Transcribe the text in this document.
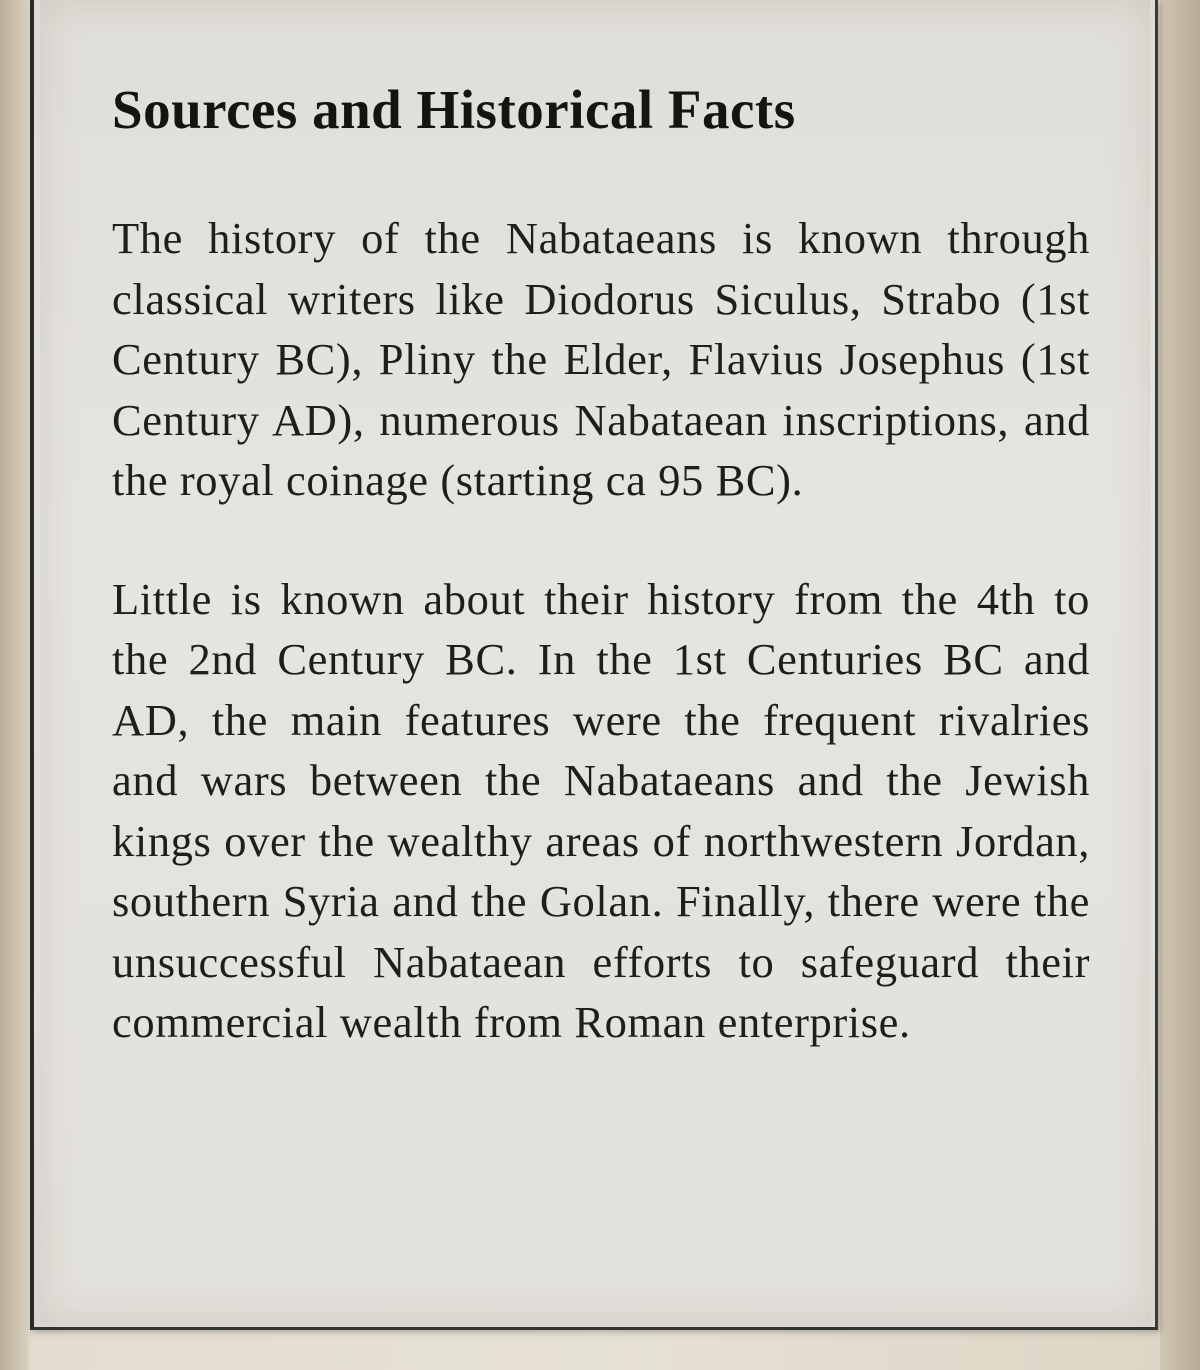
Sources and Historical Facts

The history of the Nabataeans is known through classical writers like Diodorus Siculus, Strabo (1st Century BC), Pliny the Elder, Flavius Josephus (1st Century AD), numerous Nabataean inscriptions, and the royal coinage (starting ca 95 BC).

Little is known about their history from the 4th to the 2nd Century BC. In the 1st Centuries BC and AD, the main features were the frequent rivalries and wars between the Nabataeans and the Jewish kings over the wealthy areas of northwestern Jordan, southern Syria and the Golan. Finally, there were the unsuccessful Nabataean efforts to safeguard their commercial wealth from Roman enterprise.
